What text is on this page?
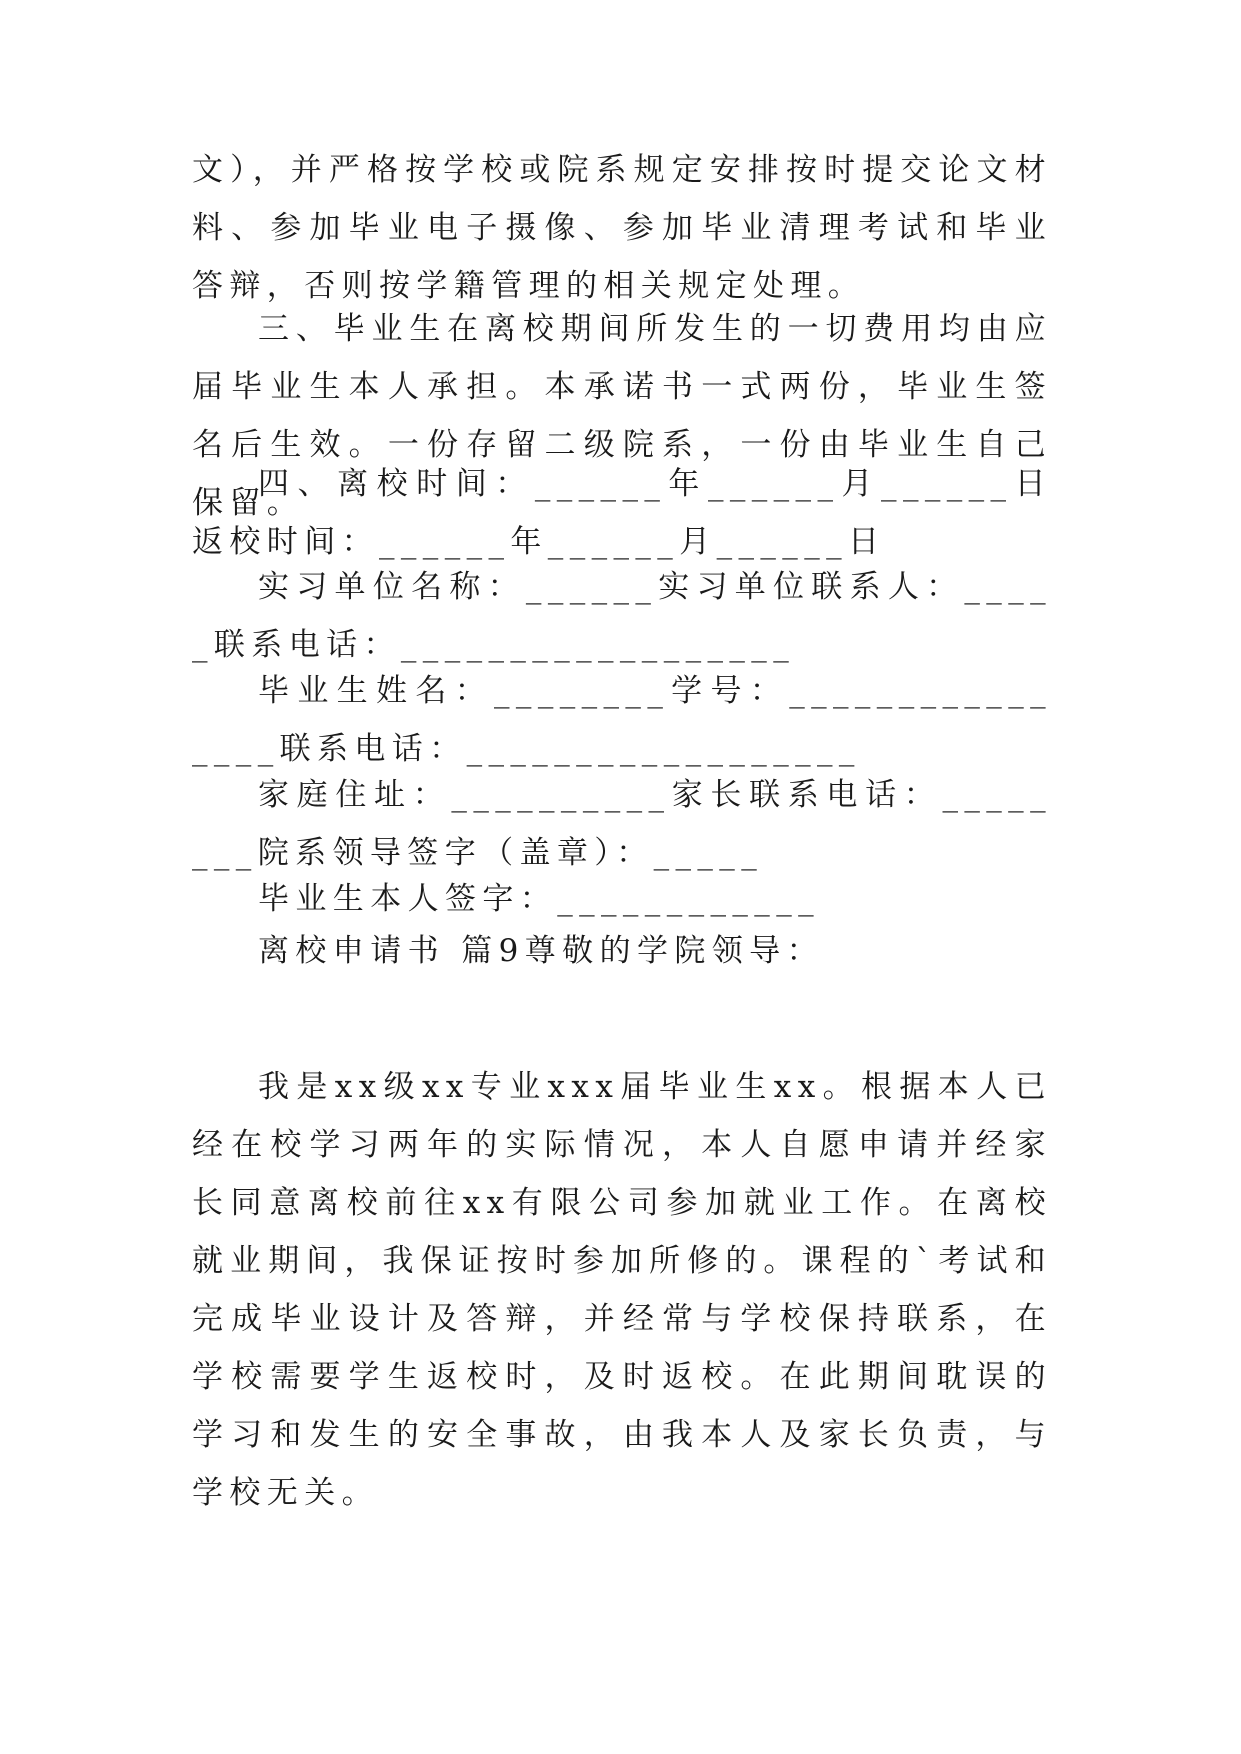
文），并严格按学校或院系规定安排按时提交论文材料、参加毕业电子摄像、参加毕业清理考试和毕业答辩，否则按学籍管理的相关规定处理。

三、毕业生在离校期间所发生的一切费用均由应届毕业生本人承担。本承诺书一式两份，毕业生签名后生效。一份存留二级院系，一份由毕业生自己保留。

四、离校时间：______年______月______日返校时间：______年______月______日

实习单位名称：______实习单位联系人：_____联系电话：__________________

毕业生姓名：________学号：________________联系电话：__________________

家庭住址：__________家长联系电话：________院系领导签字（盖章）：_____

毕业生本人签字：____________

离校申请书 篇9尊敬的学院领导：

我是xx级xx专业xxx届毕业生xx。根据本人已经在校学习两年的实际情况，本人自愿申请并经家长同意离校前往xx有限公司参加就业工作。在离校就业期间，我保证按时参加所修的。课程的`考试和完成毕业设计及答辩，并经常与学校保持联系，在学校需要学生返校时，及时返校。在此期间耽误的学习和发生的安全事故，由我本人及家长负责，与学校无关。
